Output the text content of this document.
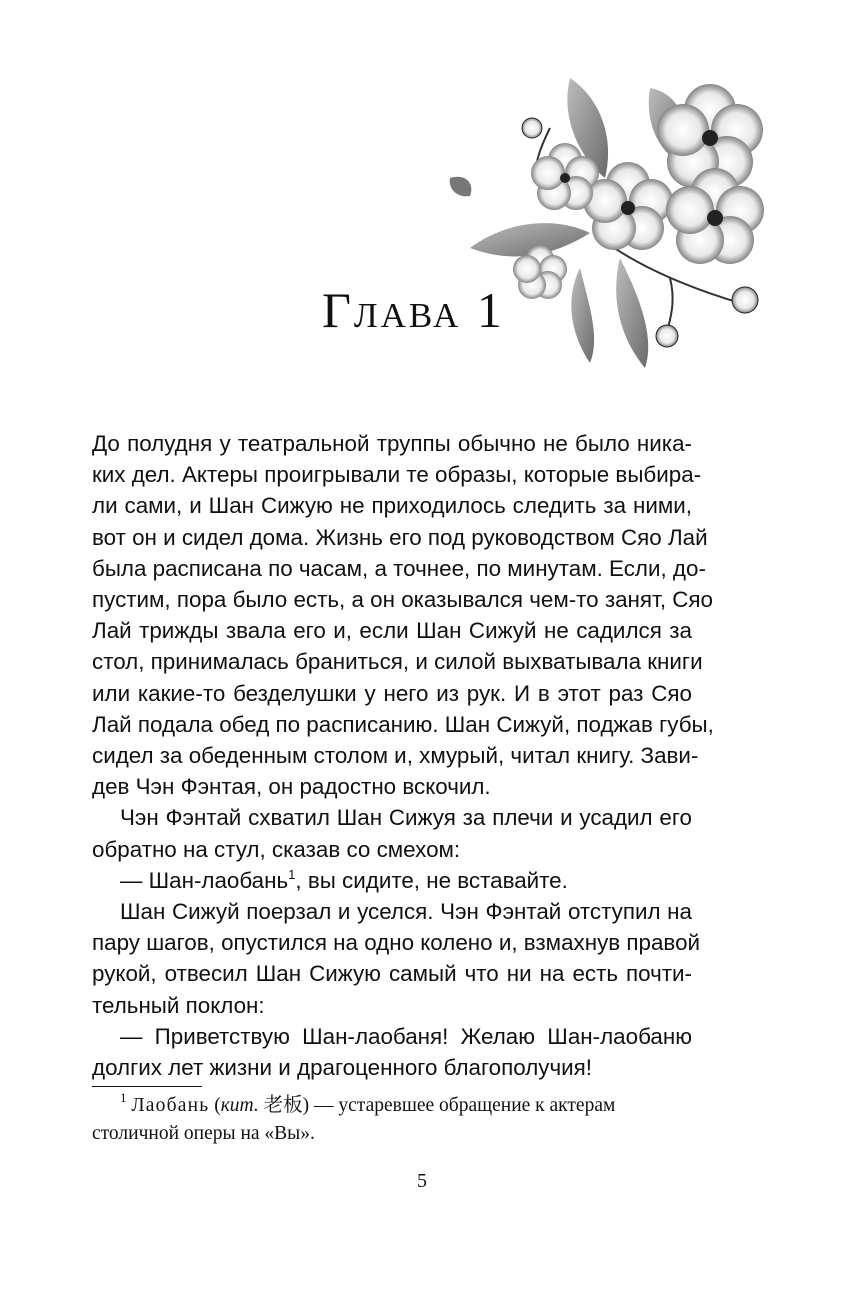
Глава 1
До полудня у театральной труппы обычно не было ника-
ких дел. Актеры проигрывали те образы, которые выбира-
ли сами, и Шан Сижую не приходилось следить за ними,
вот он и сидел дома. Жизнь его под руководством Сяо Лай
была расписана по часам, а точнее, по минутам. Если, до-
пустим, пора было есть, а он оказывался чем-то занят, Сяо
Лай трижды звала его и, если Шан Сижуй не садился за
стол, принималась браниться, и силой выхватывала книги
или какие-то безделушки у него из рук. И в этот раз Сяо
Лай подала обед по расписанию. Шан Сижуй, поджав губы,
сидел за обеденным столом и, хмурый, читал книгу. Зави-
дев Чэн Фэнтая, он радостно вскочил.
Чэн Фэнтай схватил Шан Сижуя за плечи и усадил его
обратно на стул, сказав со смехом:
— Шан-лаобань$^1$, вы сидите, не вставайте.
Шан Сижуй поерзал и уселся. Чэн Фэнтай отступил на
пару шагов, опустился на одно колено и, взмахнув правой
рукой, отвесил Шан Сижую самый что ни на есть почти-
тельный поклон:
— Приветствую Шан-лаобаня! Желаю Шан-лаобаню
долгих лет жизни и драгоценного благополучия!
$^1$ Лаобань (кит. 老板) — устаревшее обращение к актерам
столичной оперы на «Вы».
5
